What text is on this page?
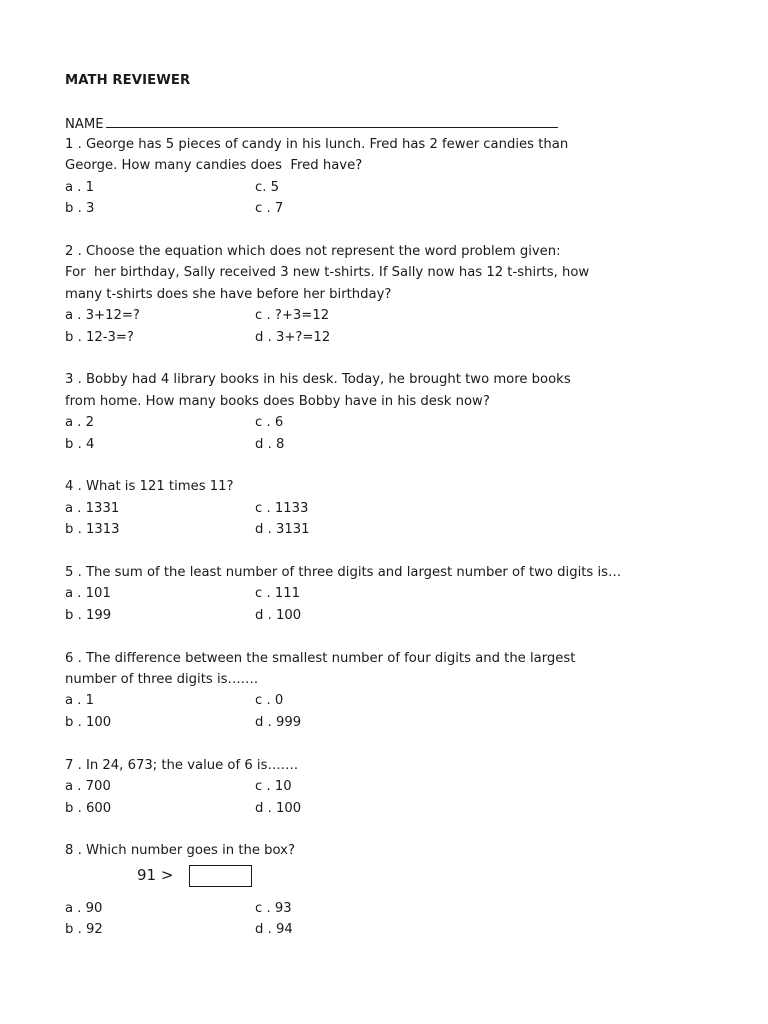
MATH REVIEWER
NAME

1 . George has 5 pieces of candy in his lunch. Fred has 2 fewer candies than George. How many candies does  Fred have?

a . 1	c. 5
b . 3	c . 7

2 . Choose the equation which does not represent the word problem given:
For  her birthday, Sally received 3 new t-shirts. If Sally now has 12 t-shirts, how many t-shirts does she have before her birthday?

a . 3+12=?	c . ?+3=12
b . 12-3=?	d . 3+?=12

3 . Bobby had 4 library books in his desk. Today, he brought two more books from home. How many books does Bobby have in his desk now?

a . 2	c . 6
b . 4	d . 8

4 . What is 121 times 11?

a . 1331	c . 1133
b . 1313	d . 3131

5 . The sum of the least number of three digits and largest number of two digits is…

a . 101	c . 111
b . 199	d . 100

6 . The difference between the smallest number of four digits and the largest number of three digits is…….

a . 1	c . 0
b . 100	d . 999

7 . In 24, 673; the value of 6 is…….

a . 700	c . 10
b . 600	d . 100

8 . Which number goes in the box?

91 >
a . 90	c . 93
b . 92	d . 94
